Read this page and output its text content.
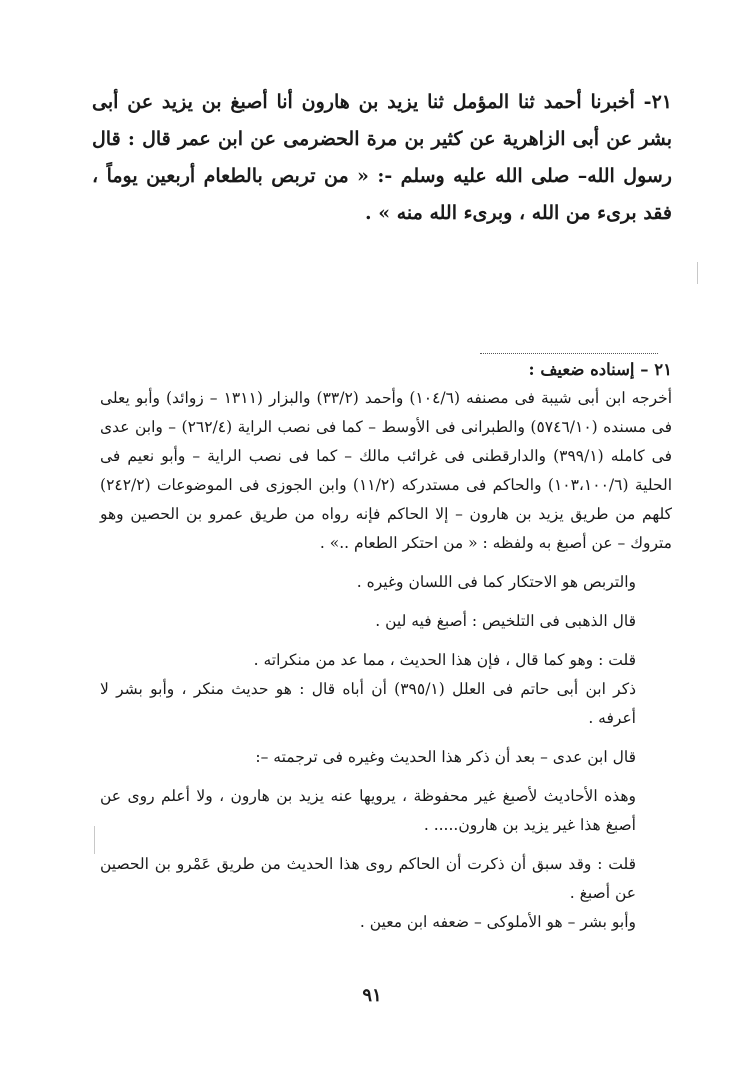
٢١- أخبرنا أحمد ثنا المؤمل ثنا يزيد بن هارون أنا أصبغ بن يزيد عن أبى بشر عن أبى الزاهرية عن كثير بن مرة الحضرمى عن ابن عمر قال : قال رسول الله– صلى الله عليه وسلم -: « من تربص بالطعام أربعين يوماً ، فقد برىء من الله ، وبرىء الله منه » .

٢١ – إسناده ضعيف :

أخرجه ابن أبى شيبة فى مصنفه (١٠٤/٦) وأحمد (٣٣/٢) والبزار (١٣١١ – زوائد) وأبو يعلى فى مسنده (٥٧٤٦/١٠) والطبرانى فى الأوسط – كما فى نصب الراية (٢٦٢/٤) – وابن عدى فى كامله (٣٩٩/١) والدارقطنى فى غرائب مالك – كما فى نصب الراية – وأبو نعيم فى الحلية (١٠٣،١٠٠/٦) والحاكم فى مستدركه (١١/٢) وابن الجوزى فى الموضوعات (٢٤٢/٢) كلهم من طريق يزيد بن هارون – إلا الحاكم فإنه رواه من طريق عمرو بن الحصين وهو متروك – عن أصبغ به ولفظه : « من احتكر الطعام ..» .

والتربص هو الاحتكار كما فى اللسان وغيره .

قال الذهبى فى التلخيص : أصبغ فيه لين .

قلت : وهو كما قال ، فإن هذا الحديث ، مما عد من منكراته .

ذكر ابن أبى حاتم فى العلل (٣٩٥/١) أن أباه قال : هو حديث منكر ، وأبو بشر لا أعرفه .

قال ابن عدى – بعد أن ذكر هذا الحديث وغيره فى ترجمته –:

وهذه الأحاديث لأصبغ غير محفوظة ، يرويها عنه يزيد بن هارون ، ولا أعلم روى عن أصبغ هذا غير يزيد بن هارون..... .

قلت : وقد سبق أن ذكرت أن الحاكم روى هذا الحديث من طريق عَمْرو بن الحصين عن أصبغ .

وأبو بشر – هو الأملوكى – ضعفه ابن معين .

٩١
